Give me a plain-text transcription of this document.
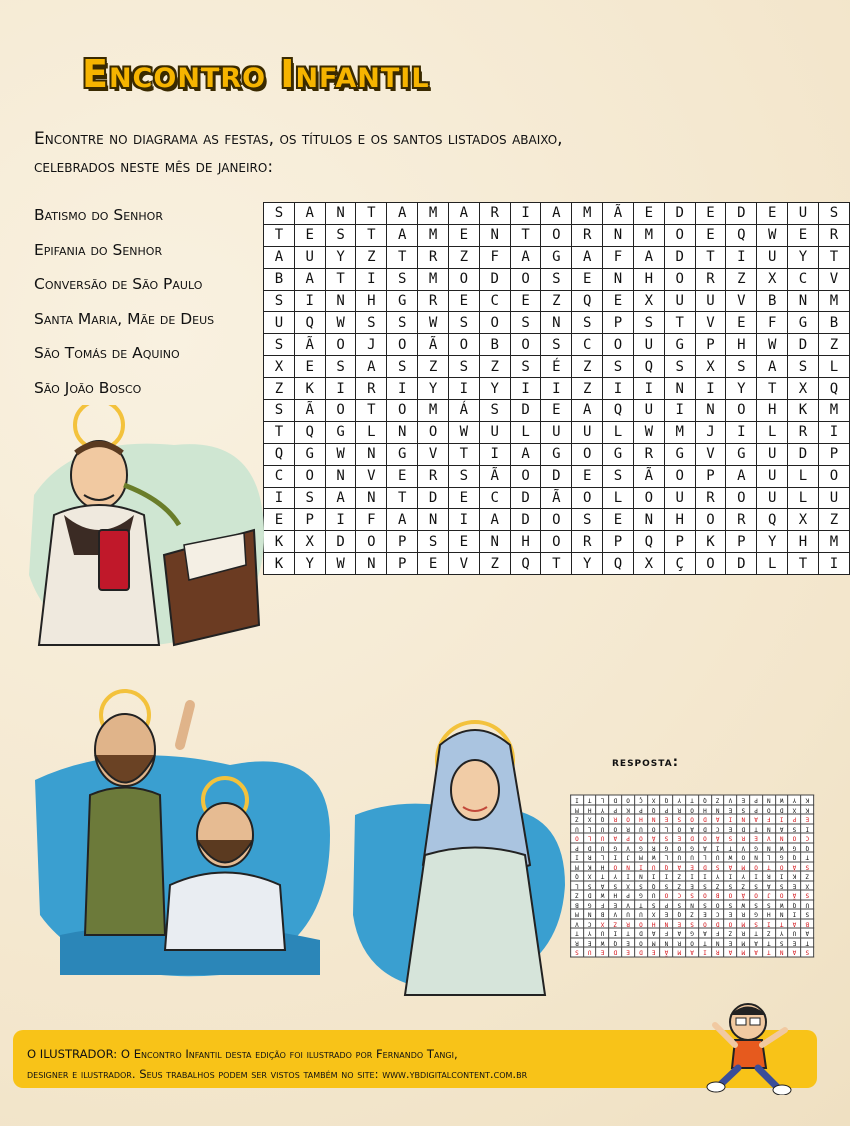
Encontro Infantil
Encontre no diagrama as festas, os títulos e os santos listados abaixo,
celebrados neste mês de janeiro:
Batismo do Senhor
Epifania do Senhor
Conversão de São Paulo
Santa Maria, Mãe de Deus
São Tomás de Aquino
São João Bosco
S	A	N	T	A	M	A	R	I	A	M	Ã	E	D	E	D	E	U	S
T	E	S	T	A	M	E	N	T	O	R	N	M	O	E	Q	W	E	R
A	U	Y	Z	T	R	Z	F	A	G	A	F	A	D	T	I	U	Y	T
B	A	T	I	S	M	O	D	O	S	E	N	H	O	R	Z	X	C	V
S	I	N	H	G	R	E	C	E	Z	Q	E	X	U	U	V	B	N	M
U	Q	W	S	S	W	S	O	S	N	S	P	S	T	V	E	F	G	B
S	Ã	O	J	O	Ã	O	B	O	S	C	O	U	G	P	H	W	D	Z
X	E	S	A	S	Z	S	Z	S	É	Z	S	Q	S	X	S	A	S	L
Z	K	I	R	I	Y	I	Y	I	I	Z	I	I	N	I	Y	T	X	Q
S	Ã	O	T	O	M	Á	S	D	E	A	Q	U	I	N	O	H	K	M
T	Q	G	L	N	O	W	U	L	U	U	L	W	M	J	I	L	R	I
Q	G	W	N	G	V	T	I	A	G	O	G	R	G	V	G	U	D	P
C	O	N	V	E	R	S	Ã	O	D	E	S	Ã	O	P	A	U	L	O
I	S	A	N	T	D	E	C	D	Ã	O	L	O	U	R	O	U	L	U
E	P	I	F	A	N	I	A	D	O	S	E	N	H	O	R	Q	X	Z
K	X	D	O	P	S	E	N	H	O	R	P	Q	P	K	P	Y	H	M
K	Y	W	N	P	E	V	Z	Q	T	Y	Q	X	Ç	O	D	L	T	I
resposta:
S	A	N	T	A	M	A	R	I	A	M	Ã	E	D	E	D	E	U	S
T	E	S	T	A	M	E	N	T	O	R	N	M	O	E	Q	W	E	R
A	U	Y	Z	T	R	Z	F	A	G	A	F	A	D	T	I	U	Y	T
B	A	T	I	S	M	O	D	O	S	E	N	H	O	R	Z	X	C	V
S	I	N	H	G	R	E	C	E	Z	Q	E	X	U	U	V	B	N	M
U	Q	W	S	S	W	S	O	S	N	S	P	S	T	V	E	F	G	B
S	Ã	O	J	O	Ã	O	B	O	S	C	O	U	G	P	H	W	D	Z
X	E	S	A	S	Z	S	Z	S	É	Z	S	Q	S	X	S	A	S	L
Z	K	I	R	I	Y	I	Y	I	I	Z	I	I	N	I	Y	T	X	Q
S	Ã	O	T	O	M	Á	S	D	E	A	Q	U	I	N	O	H	K	M
T	Q	G	L	N	O	W	U	L	U	U	L	W	M	J	I	L	R	I
Q	G	W	N	G	V	T	I	A	G	O	G	R	G	V	G	U	D	P
C	O	N	V	E	R	S	Ã	O	D	E	S	Ã	O	P	A	U	L	O
I	S	A	N	T	D	E	C	D	Ã	O	L	O	U	R	O	U	L	U
E	P	I	F	A	N	I	A	D	O	S	E	N	H	O	R	Q	X	Z
K	X	D	O	P	S	E	N	H	O	R	P	Q	P	K	P	Y	H	M
K	Y	W	N	P	E	V	Z	Q	T	Y	Q	X	Ç	O	D	L	T	I
O ILUSTRADOR: O Encontro Infantil desta edição foi ilustrado por Fernando Tangi,
designer e ilustrador. Seus trabalhos podem ser vistos também no site: www.ybdigitalcontent.com.br
